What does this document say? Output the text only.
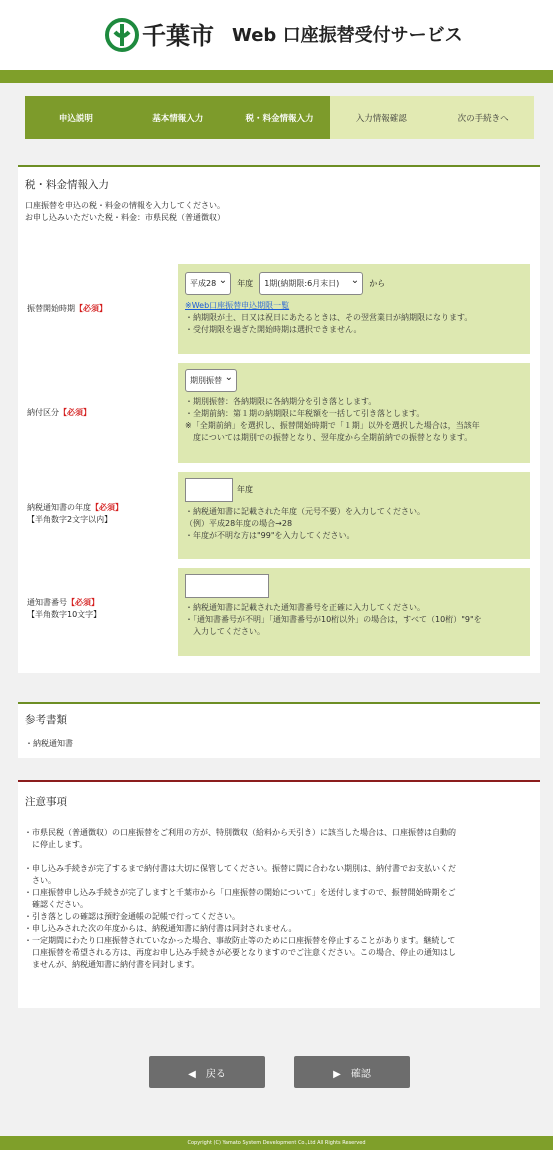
千葉市 Web 口座振替受付サービス
申込説明	基本情報入力	税・料金情報入力	入力情報確認	次の手続きへ
税・料金情報入力
口座振替を申込の税・料金の情報を入力してください。
お申し込みいただいた税・料金：市県民税（普通徴収）
振替開始時期【必須】
平成28 ⌄	年度	1期(納期限:6月末日) ⌄	から
※Web口座振替申込期限一覧
・納期限が土、日又は祝日にあたるときは、その翌営業日が納期限になります。
・受付期限を過ぎた開始時期は選択できません。
納付区分【必須】
期別振替 ⌄
・期別振替：各納期限に各納期分を引き落とします。
・全期前納：第１期の納期限に年税額を一括して引き落とします。
※「全期前納」を選択し、振替開始時期で「１期」以外を選択した場合は，当該年
　度については期別での振替となり、翌年度から全期前納での振替となります。
納税通知書の年度【必須】
【半角数字2文字以内】
年度
・納税通知書に記載された年度（元号不要）を入力してください。
（例）平成28年度の場合→28
・年度が不明な方は"99"を入力してください。
通知書番号【必須】
【半角数字10文字】
・納税通知書に記載された通知書番号を正確に入力してください。
・「通知書番号が不明」「通知書番号が10桁以外」の場合は，すべて（10桁）"9"を
　入力してください。
参考書類
・納税通知書
注意事項
・市県民税（普通徴収）の口座振替をご利用の方が、特別徴収（給料から天引き）に該当した場合は、口座振替は自動的
　に停止します。
・申し込み手続きが完了するまで納付書は大切に保管してください。振替に間に合わない期別は、納付書でお支払いくだ
　さい。
・口座振替申し込み手続きが完了しますと千葉市から「口座振替の開始について」を送付しますので、振替開始時期をご
　確認ください。
・引き落としの確認は預貯金通帳の記帳で行ってください。
・申し込みされた次の年度からは、納税通知書に納付書は同封されません。
・一定期間にわたり口座振替されていなかった場合、事故防止等のために口座振替を停止することがあります。継続して
　口座振替を希望される方は、再度お申し込み手続きが必要となりますのでご注意ください。この場合、停止の通知はし
　ませんが、納税通知書に納付書を同封します。
◀　戻る	▶　確認
Copyright (C) Yamato System Development Co.,Ltd All Rights Reserved
